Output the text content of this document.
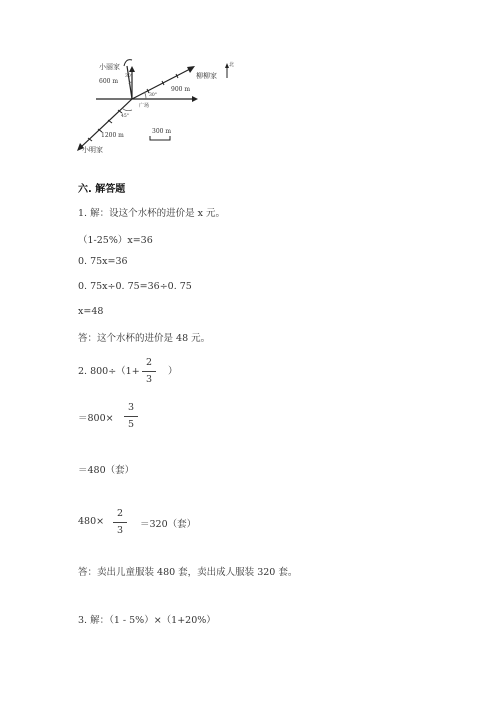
小丽家
柳柳家
小明家
广场
北
600 m
900 m
1200 m
30°
30°
45°
300 m
六. 解答题
1. 解：设这个水杯的进价是 x 元。
（1-25%）x=36
0. 75x=36
0. 75x÷0. 75=36÷0. 75
x=48
答：这个水杯的进价是 48 元。
2. 800÷（1+
2
3
）
＝800×
3
5
＝480（套）
480×
2
3
＝320（套）
答：卖出儿童服装 480 套，卖出成人服装 320 套。
3. 解：（1 - 5%）×（1+20%）
